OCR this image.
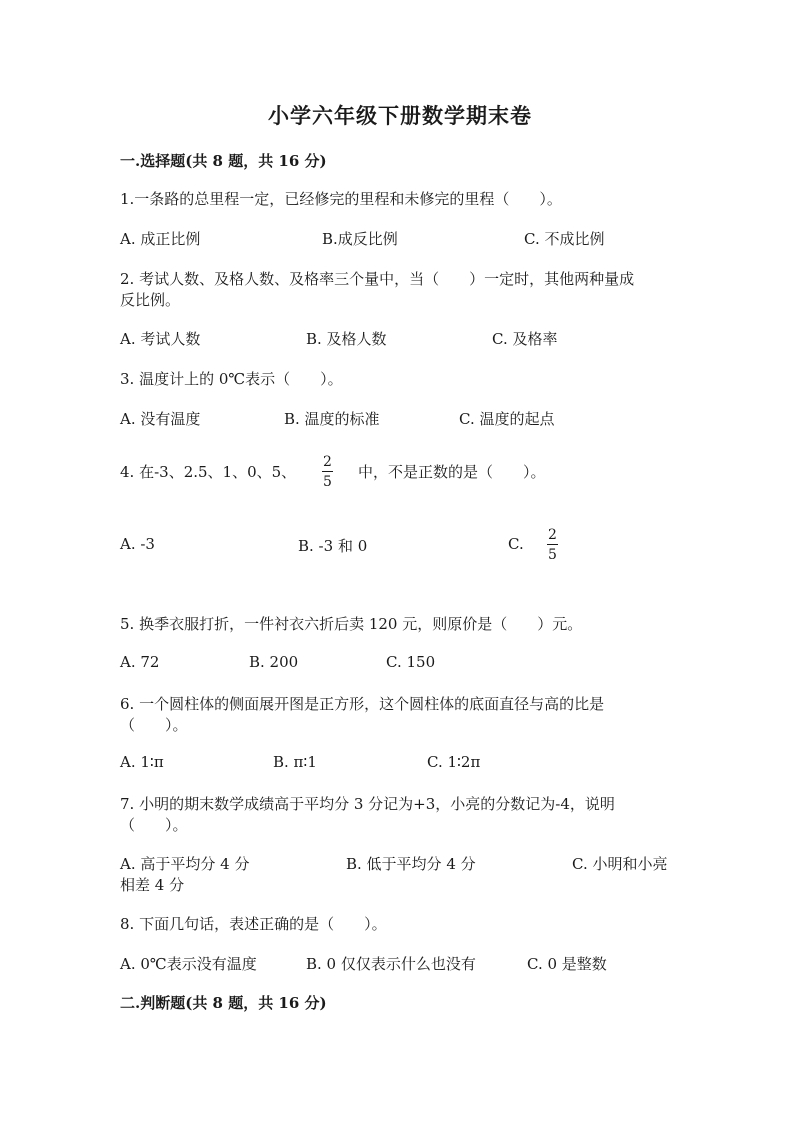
小学六年级下册数学期末卷
一.选择题(共 8 题，共 16 分)
1.一条路的总里程一定，已经修完的里程和未修完的里程（　　）。
A. 成正比例	B.成反比例	C. 不成比例
2. 考试人数、及格人数、及格率三个量中，当（　　）一定时，其他两种量成
反比例。
A. 考试人数	B. 及格人数	C. 及格率
3. 温度计上的 0℃表示（　　）。
A. 没有温度	B. 温度的标准	C. 温度的起点
4. 在-3、2.5、1、0、5、 $\frac{2}{5}$ 中，不是正数的是（　　）。
A. -3	B. -3 和 0	C. $\frac{2}{5}$
5. 换季衣服打折，一件衬衣六折后卖 120 元，则原价是（　　）元。
A. 72	B. 200	C. 150
6. 一个圆柱体的侧面展开图是正方形，这个圆柱体的底面直径与高的比是
（　　）。
A. 1∶π	B. π∶1	C. 1∶2π
7. 小明的期末数学成绩高于平均分 3 分记为+3，小亮的分数记为-4，说明
（　　）。
A. 高于平均分 4 分	B. 低于平均分 4 分	C. 小明和小亮
相差 4 分
8. 下面几句话，表述正确的是（　　）。
A. 0℃表示没有温度	B. 0 仅仅表示什么也没有	C. 0 是整数
二.判断题(共 8 题，共 16 分)
